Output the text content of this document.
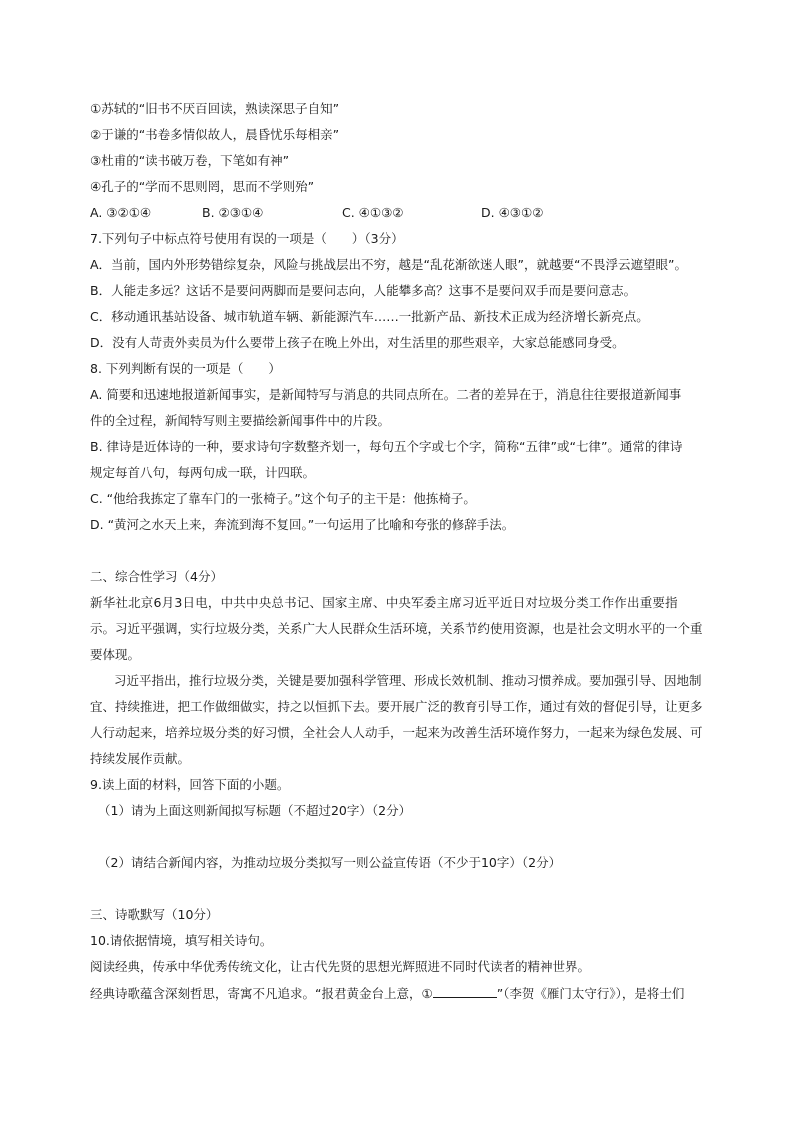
①苏轼的“旧书不厌百回读，熟读深思子自知”
②于谦的“书卷多情似故人，晨昏忧乐每相亲”
③杜甫的“读书破万卷，下笔如有神”
④孔子的“学而不思则罔，思而不学则殆”
A. ③②①④	B. ②③①④	C. ④①③②	D. ④③①②
7.下列句子中标点符号使用有误的一项是（　　）（3分）
A．当前，国内外形势错综复杂，风险与挑战层出不穷，越是“乱花渐欲迷人眼”，就越要“不畏浮云遮望眼”。
B．人能走多远？这话不是要问两脚而是要问志向，人能攀多高？这事不是要问双手而是要问意志。
C．移动通讯基站设备、城市轨道车辆、新能源汽车……一批新产品、新技术正成为经济增长新亮点。
D．没有人苛责外卖员为什么要带上孩子在晚上外出，对生活里的那些艰辛，大家总能感同身受。
8. 下列判断有误的一项是（　　）
A. 简要和迅速地报道新闻事实，是新闻特写与消息的共同点所在。二者的差异在于，消息往往要报道新闻事
件的全过程，新闻特写则主要描绘新闻事件中的片段。
B. 律诗是近体诗的一种，要求诗句字数整齐划一，每句五个字或七个字，简称“五律”或“七律”。通常的律诗
规定每首八句，每两句成一联，计四联。
C. “他给我拣定了靠车门的一张椅子。”这个句子的主干是：他拣椅子。
D. “黄河之水天上来，奔流到海不复回。”一句运用了比喻和夸张的修辞手法。
二、综合性学习（4分）
新华社北京6月3日电，中共中央总书记、国家主席、中央军委主席习近平近日对垃圾分类工作作出重要指
示。习近平强调，实行垃圾分类，关系广大人民群众生活环境，关系节约使用资源，也是社会文明水平的一个重
要体现。
习近平指出，推行垃圾分类，关键是要加强科学管理、形成长效机制、推动习惯养成。要加强引导、因地制
宜、持续推进，把工作做细做实，持之以恒抓下去。要开展广泛的教育引导工作，通过有效的督促引导，让更多
人行动起来，培养垃圾分类的好习惯，全社会人人动手，一起来为改善生活环境作努力，一起来为绿色发展、可
持续发展作贡献。
9.读上面的材料，回答下面的小题。
（1）请为上面这则新闻拟写标题（不超过20字）（2分）
（2）请结合新闻内容，为推动垃圾分类拟写一则公益宣传语（不少于10字）（2分）
三、诗歌默写（10分）
10.请依据情境，填写相关诗句。
阅读经典，传承中华优秀传统文化，让古代先贤的思想光辉照进不同时代读者的精神世界。
经典诗歌蕴含深刻哲思，寄寓不凡追求。“报君黄金台上意，①	”（李贺《雁门太守行》），是将士们
